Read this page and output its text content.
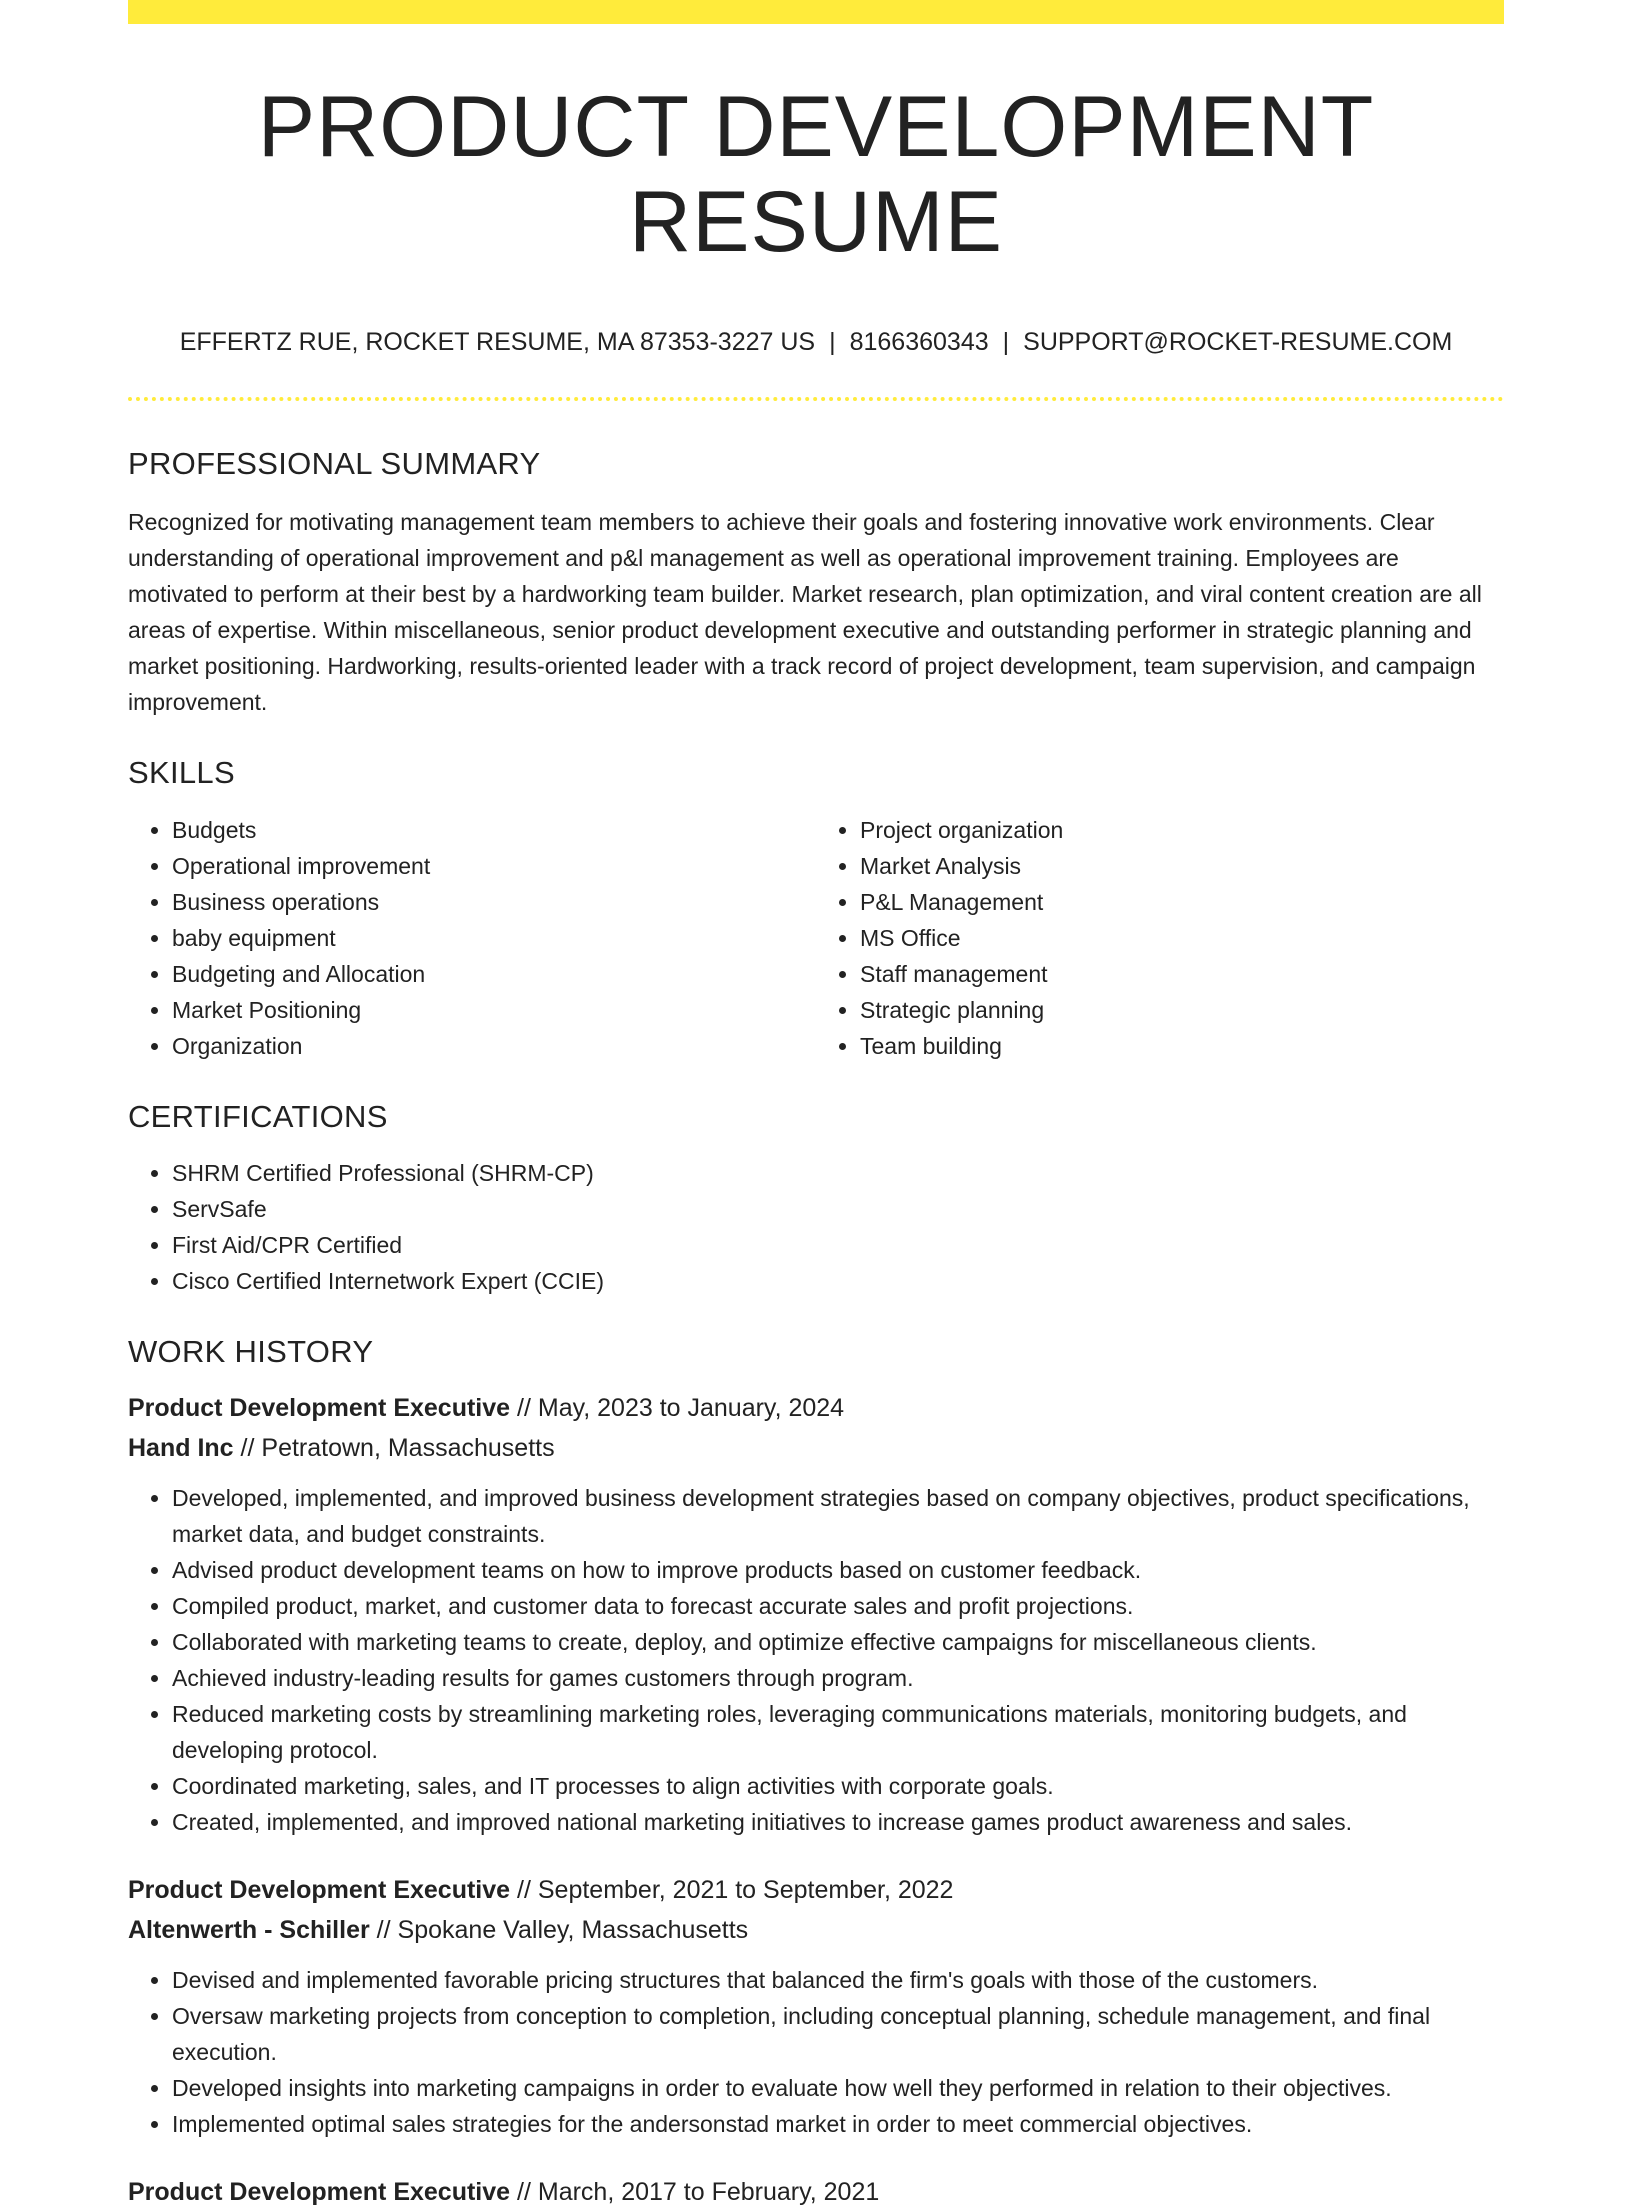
PRODUCT DEVELOPMENT RESUME
EFFERTZ RUE, ROCKET RESUME, MA 87353-3227 US | 8166360343 | SUPPORT@ROCKET-RESUME.COM
PROFESSIONAL SUMMARY
Recognized for motivating management team members to achieve their goals and fostering innovative work environments. Clear understanding of operational improvement and p&l management as well as operational improvement training. Employees are motivated to perform at their best by a hardworking team builder. Market research, plan optimization, and viral content creation are all areas of expertise. Within miscellaneous, senior product development executive and outstanding performer in strategic planning and market positioning. Hardworking, results-oriented leader with a track record of project development, team supervision, and campaign improvement.
SKILLS
• Budgets
• Operational improvement
• Business operations
• baby equipment
• Budgeting and Allocation
• Market Positioning
• Organization
• Project organization
• Market Analysis
• P&L Management
• MS Office
• Staff management
• Strategic planning
• Team building
CERTIFICATIONS
• SHRM Certified Professional (SHRM-CP)
• ServSafe
• First Aid/CPR Certified
• Cisco Certified Internetwork Expert (CCIE)
WORK HISTORY
Product Development Executive // May, 2023 to January, 2024
Hand Inc // Petratown, Massachusetts
• Developed, implemented, and improved business development strategies based on company objectives, product specifications, market data, and budget constraints.
• Advised product development teams on how to improve products based on customer feedback.
• Compiled product, market, and customer data to forecast accurate sales and profit projections.
• Collaborated with marketing teams to create, deploy, and optimize effective campaigns for miscellaneous clients.
• Achieved industry-leading results for games customers through program.
• Reduced marketing costs by streamlining marketing roles, leveraging communications materials, monitoring budgets, and developing protocol.
• Coordinated marketing, sales, and IT processes to align activities with corporate goals.
• Created, implemented, and improved national marketing initiatives to increase games product awareness and sales.
Product Development Executive // September, 2021 to September, 2022
Altenwerth - Schiller // Spokane Valley, Massachusetts
• Devised and implemented favorable pricing structures that balanced the firm's goals with those of the customers.
• Oversaw marketing projects from conception to completion, including conceptual planning, schedule management, and final execution.
• Developed insights into marketing campaigns in order to evaluate how well they performed in relation to their objectives.
• Implemented optimal sales strategies for the andersonstad market in order to meet commercial objectives.
Product Development Executive // March, 2017 to February, 2021
